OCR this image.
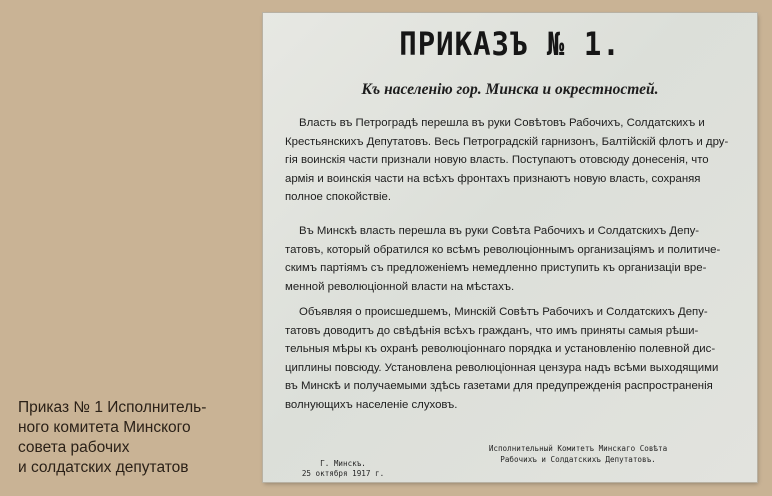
Приказ № 1 Исполнитель-
ного комитета Минского
совета рабочих
и солдатских депутатов
ПРИКАЗЪ № 1.
Къ населенію гор. Минска и окрестностей.
Власть въ Петроградѣ перешла въ руки Совѣтовъ Рабочихъ, Солдатскихъ и
Крестьянскихъ Депутатовъ. Весь Петроградскій гарнизонъ, Балтійскій флотъ и дру-
гія воинскія части признали новую власть. Поступаютъ отовсюду донесенія, что
армія и воинскія части на всѣхъ фронтахъ признаютъ новую власть, сохраняя
полное спокойствіе.
Въ Минскѣ власть перешла въ руки Совѣта Рабочихъ и Солдатскихъ Депу-
татовъ, который обратился ко всѣмъ революціоннымъ организаціямъ и политиче-
скимъ партіямъ съ предложеніемъ немедленно приступить къ организаціи вре-
менной революціонной власти на мѣстахъ.
Объявляя о происшедшемъ, Минскій Совѣтъ Рабочихъ и Солдатскихъ Депу-
татовъ доводитъ до свѣдѣнія всѣхъ гражданъ, что имъ приняты самыя рѣши-
тельныя мѣры къ охранѣ революціоннаго порядка и установленію полевной дис-
циплины повсюду. Установлена революціонная цензура надъ всѣми выходящими
въ Минскѣ и получаемыми здѣсь газетами для предупрежденія распространенія
волнующихъ населеніе слуховъ.
Исполнительный Комитетъ Минскаго Совѣта
Рабочихъ и Солдатскихъ Депутатовъ.
Г. Минскъ.
25 октября 1917 г.
